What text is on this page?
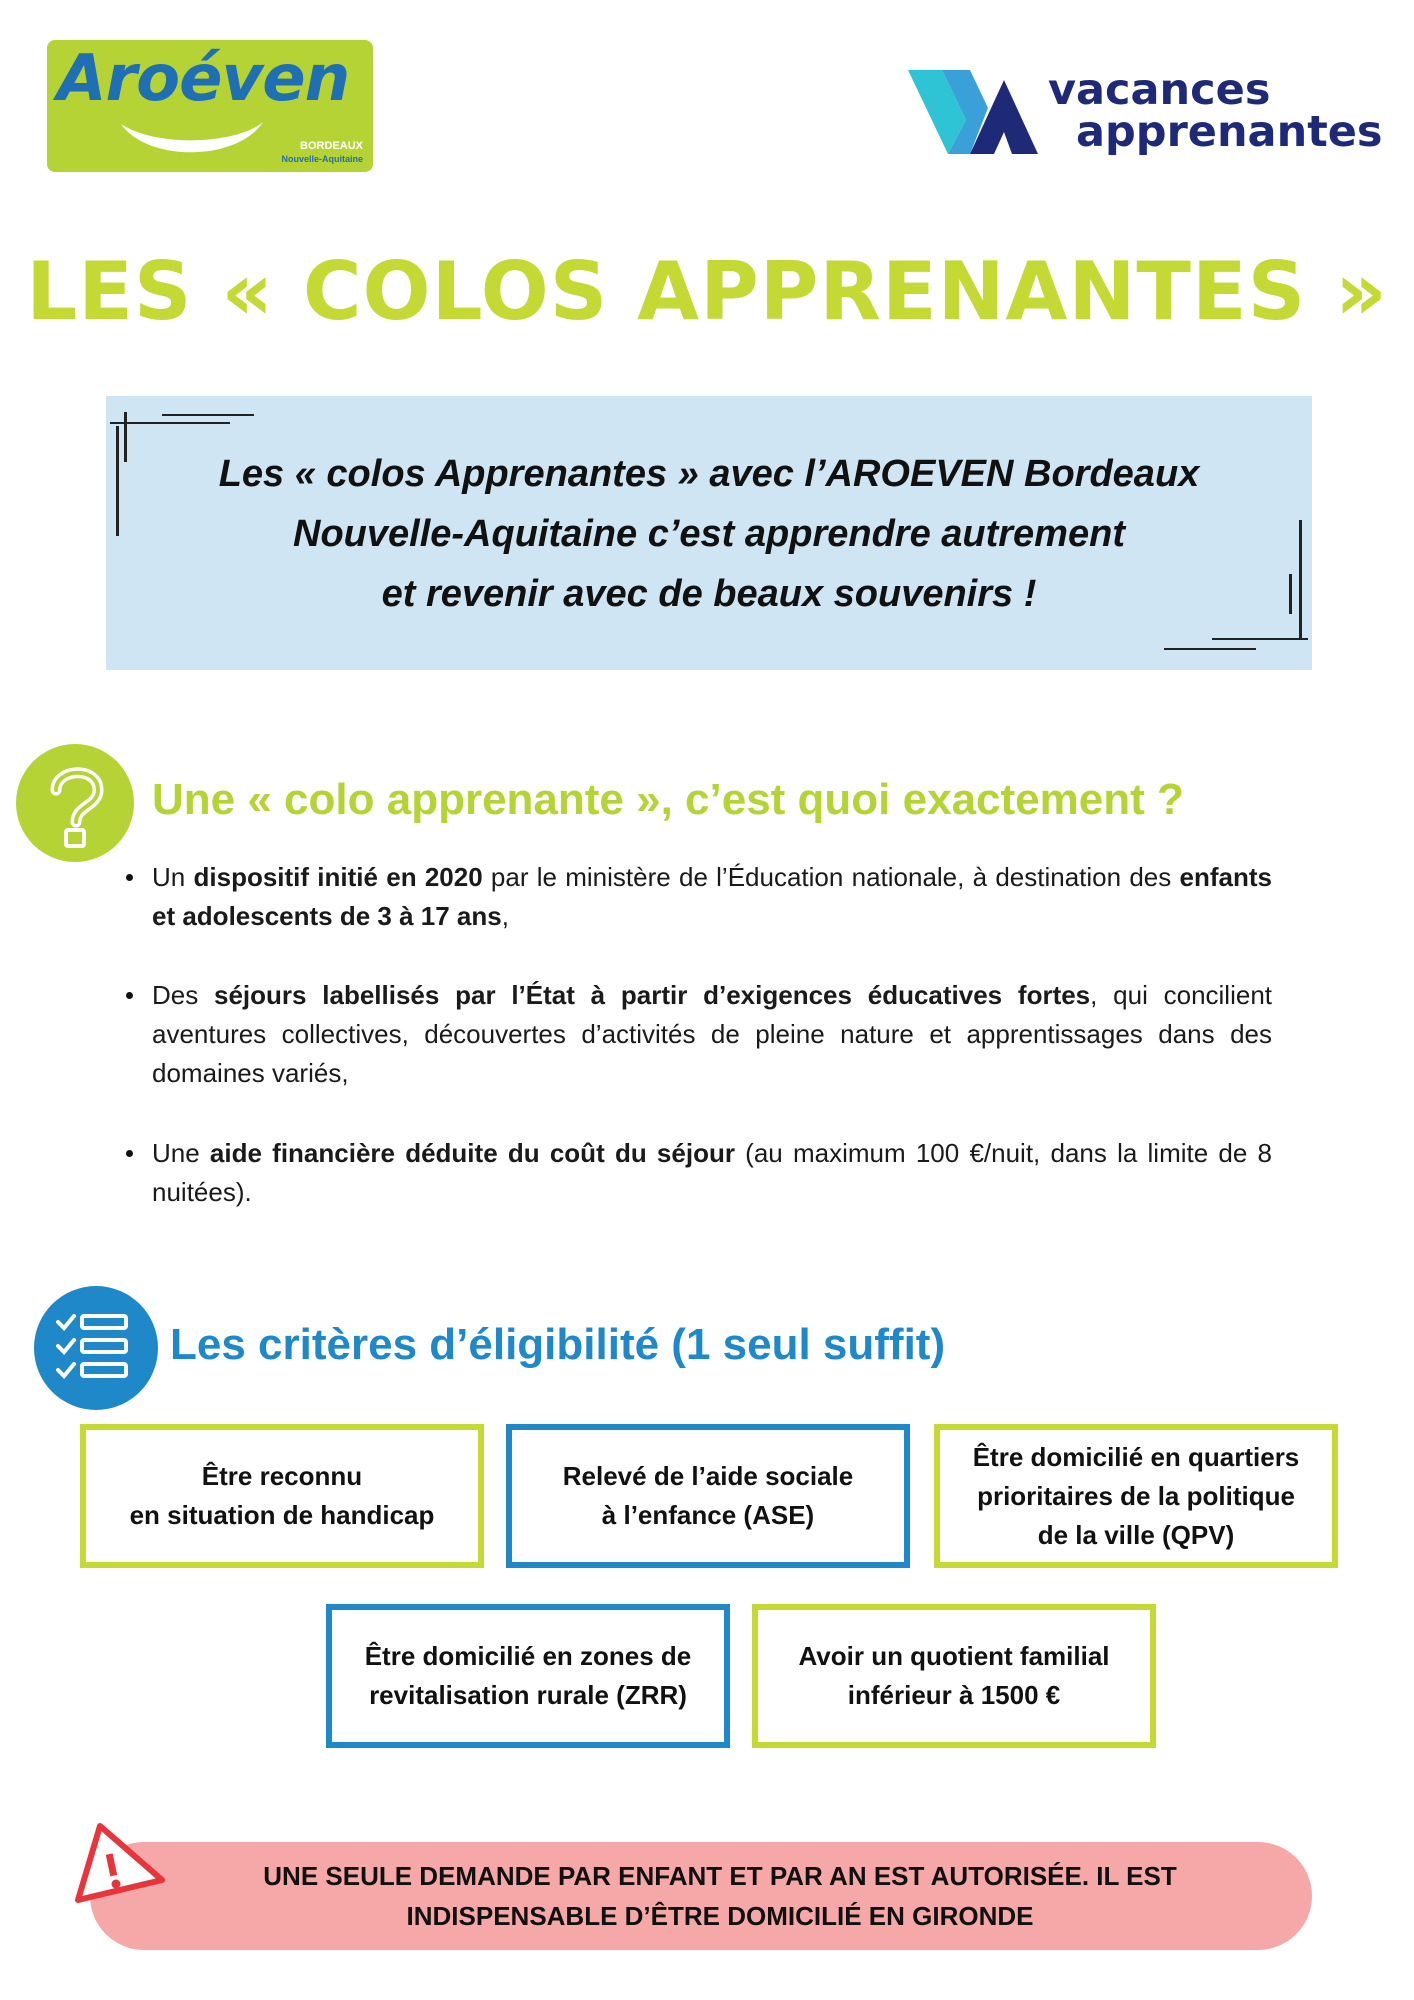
Aroéven
BORDEAUX
Nouvelle-Aquitaine
vacances
apprenantes
LES « COLOS APPRENANTES »
Les « colos Apprenantes » avec l’AROEVEN Bordeaux
Nouvelle-Aquitaine c’est apprendre autrement
et revenir avec de beaux souvenirs !
Une « colo apprenante », c’est quoi exactement ?
Un dispositif initié en 2020 par le ministère de l’Éducation nationale, à destination des enfants et adolescents de 3 à 17 ans,
Des séjours labellisés par l’État à partir d’exigences éducatives fortes, qui concilient aventures collectives, découvertes d’activités de pleine nature et apprentissages dans des domaines variés,
Une aide financière déduite du coût du séjour (au maximum 100 €/nuit, dans la limite de 8 nuitées).
Les critères d’éligibilité (1 seul suffit)
Être reconnu
en situation de handicap
Relevé de l’aide sociale
à l’enfance (ASE)
Être domicilié en quartiers
prioritaires de la politique
de la ville (QPV)
Être domicilié en zones de
revitalisation rurale (ZRR)
Avoir un quotient familial
inférieur à 1500 €
UNE SEULE DEMANDE PAR ENFANT ET PAR AN EST AUTORISÉE. IL EST
INDISPENSABLE D’ÊTRE DOMICILIÉ EN GIRONDE
